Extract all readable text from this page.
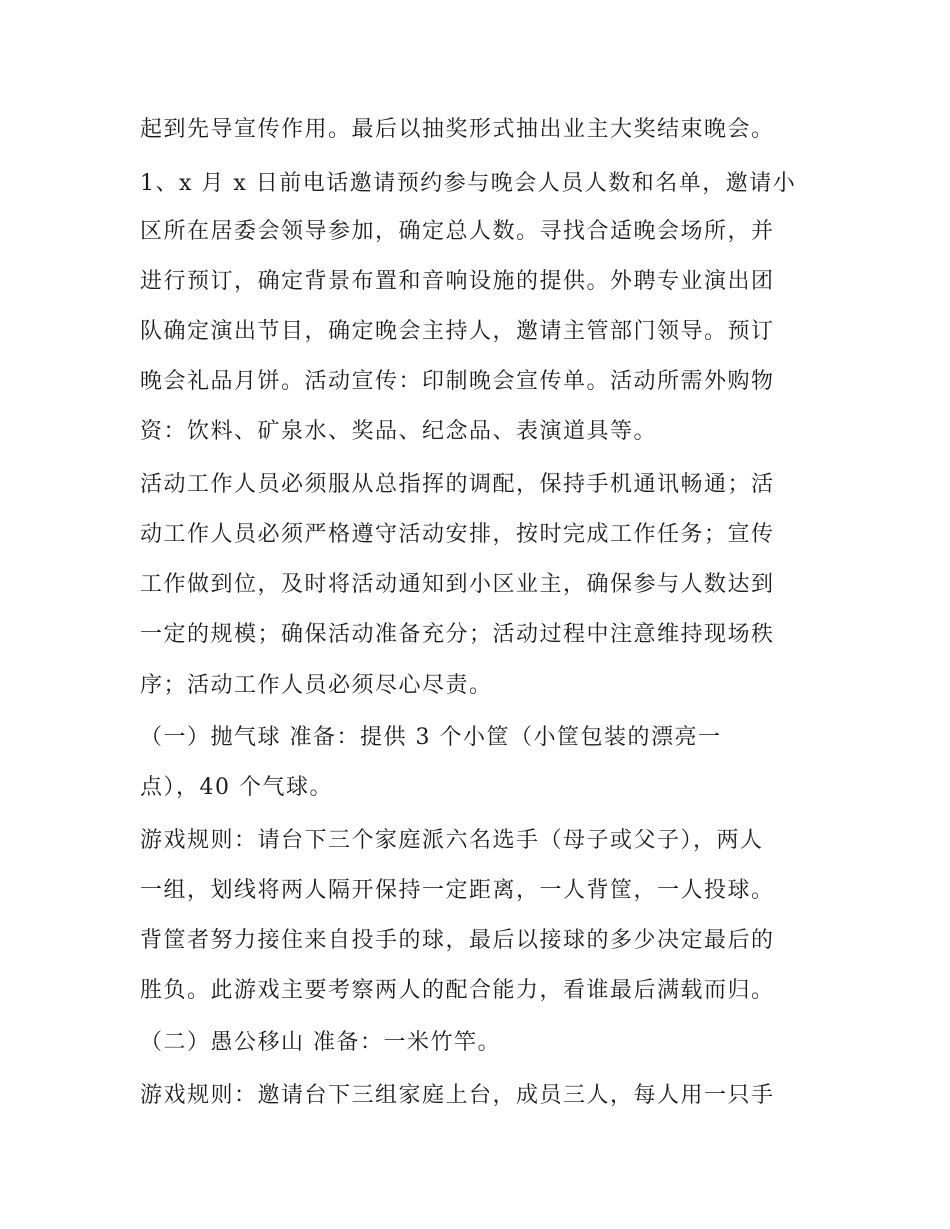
起到先导宣传作用。最后以抽奖形式抽出业主大奖结束晚会。
1、x 月 x 日前电话邀请预约参与晚会人员人数和名单，邀请小
区所在居委会领导参加，确定总人数。寻找合适晚会场所，并
进行预订，确定背景布置和音响设施的提供。外聘专业演出团
队确定演出节目，确定晚会主持人，邀请主管部门领导。预订
晚会礼品月饼。活动宣传：印制晚会宣传单。活动所需外购物
资：饮料、矿泉水、奖品、纪念品、表演道具等。
活动工作人员必须服从总指挥的调配，保持手机通讯畅通；活
动工作人员必须严格遵守活动安排，按时完成工作任务；宣传
工作做到位，及时将活动通知到小区业主，确保参与人数达到
一定的规模；确保活动准备充分；活动过程中注意维持现场秩
序；活动工作人员必须尽心尽责。
（一）抛气球 准备：提供 3 个小筐（小筐包装的漂亮一
点），40 个气球。
游戏规则：请台下三个家庭派六名选手（母子或父子），两人
一组，划线将两人隔开保持一定距离，一人背筐，一人投球。
背筐者努力接住来自投手的球，最后以接球的多少决定最后的
胜负。此游戏主要考察两人的配合能力，看谁最后满载而归。
（二）愚公移山 准备：一米竹竿。
游戏规则：邀请台下三组家庭上台，成员三人，每人用一只手
